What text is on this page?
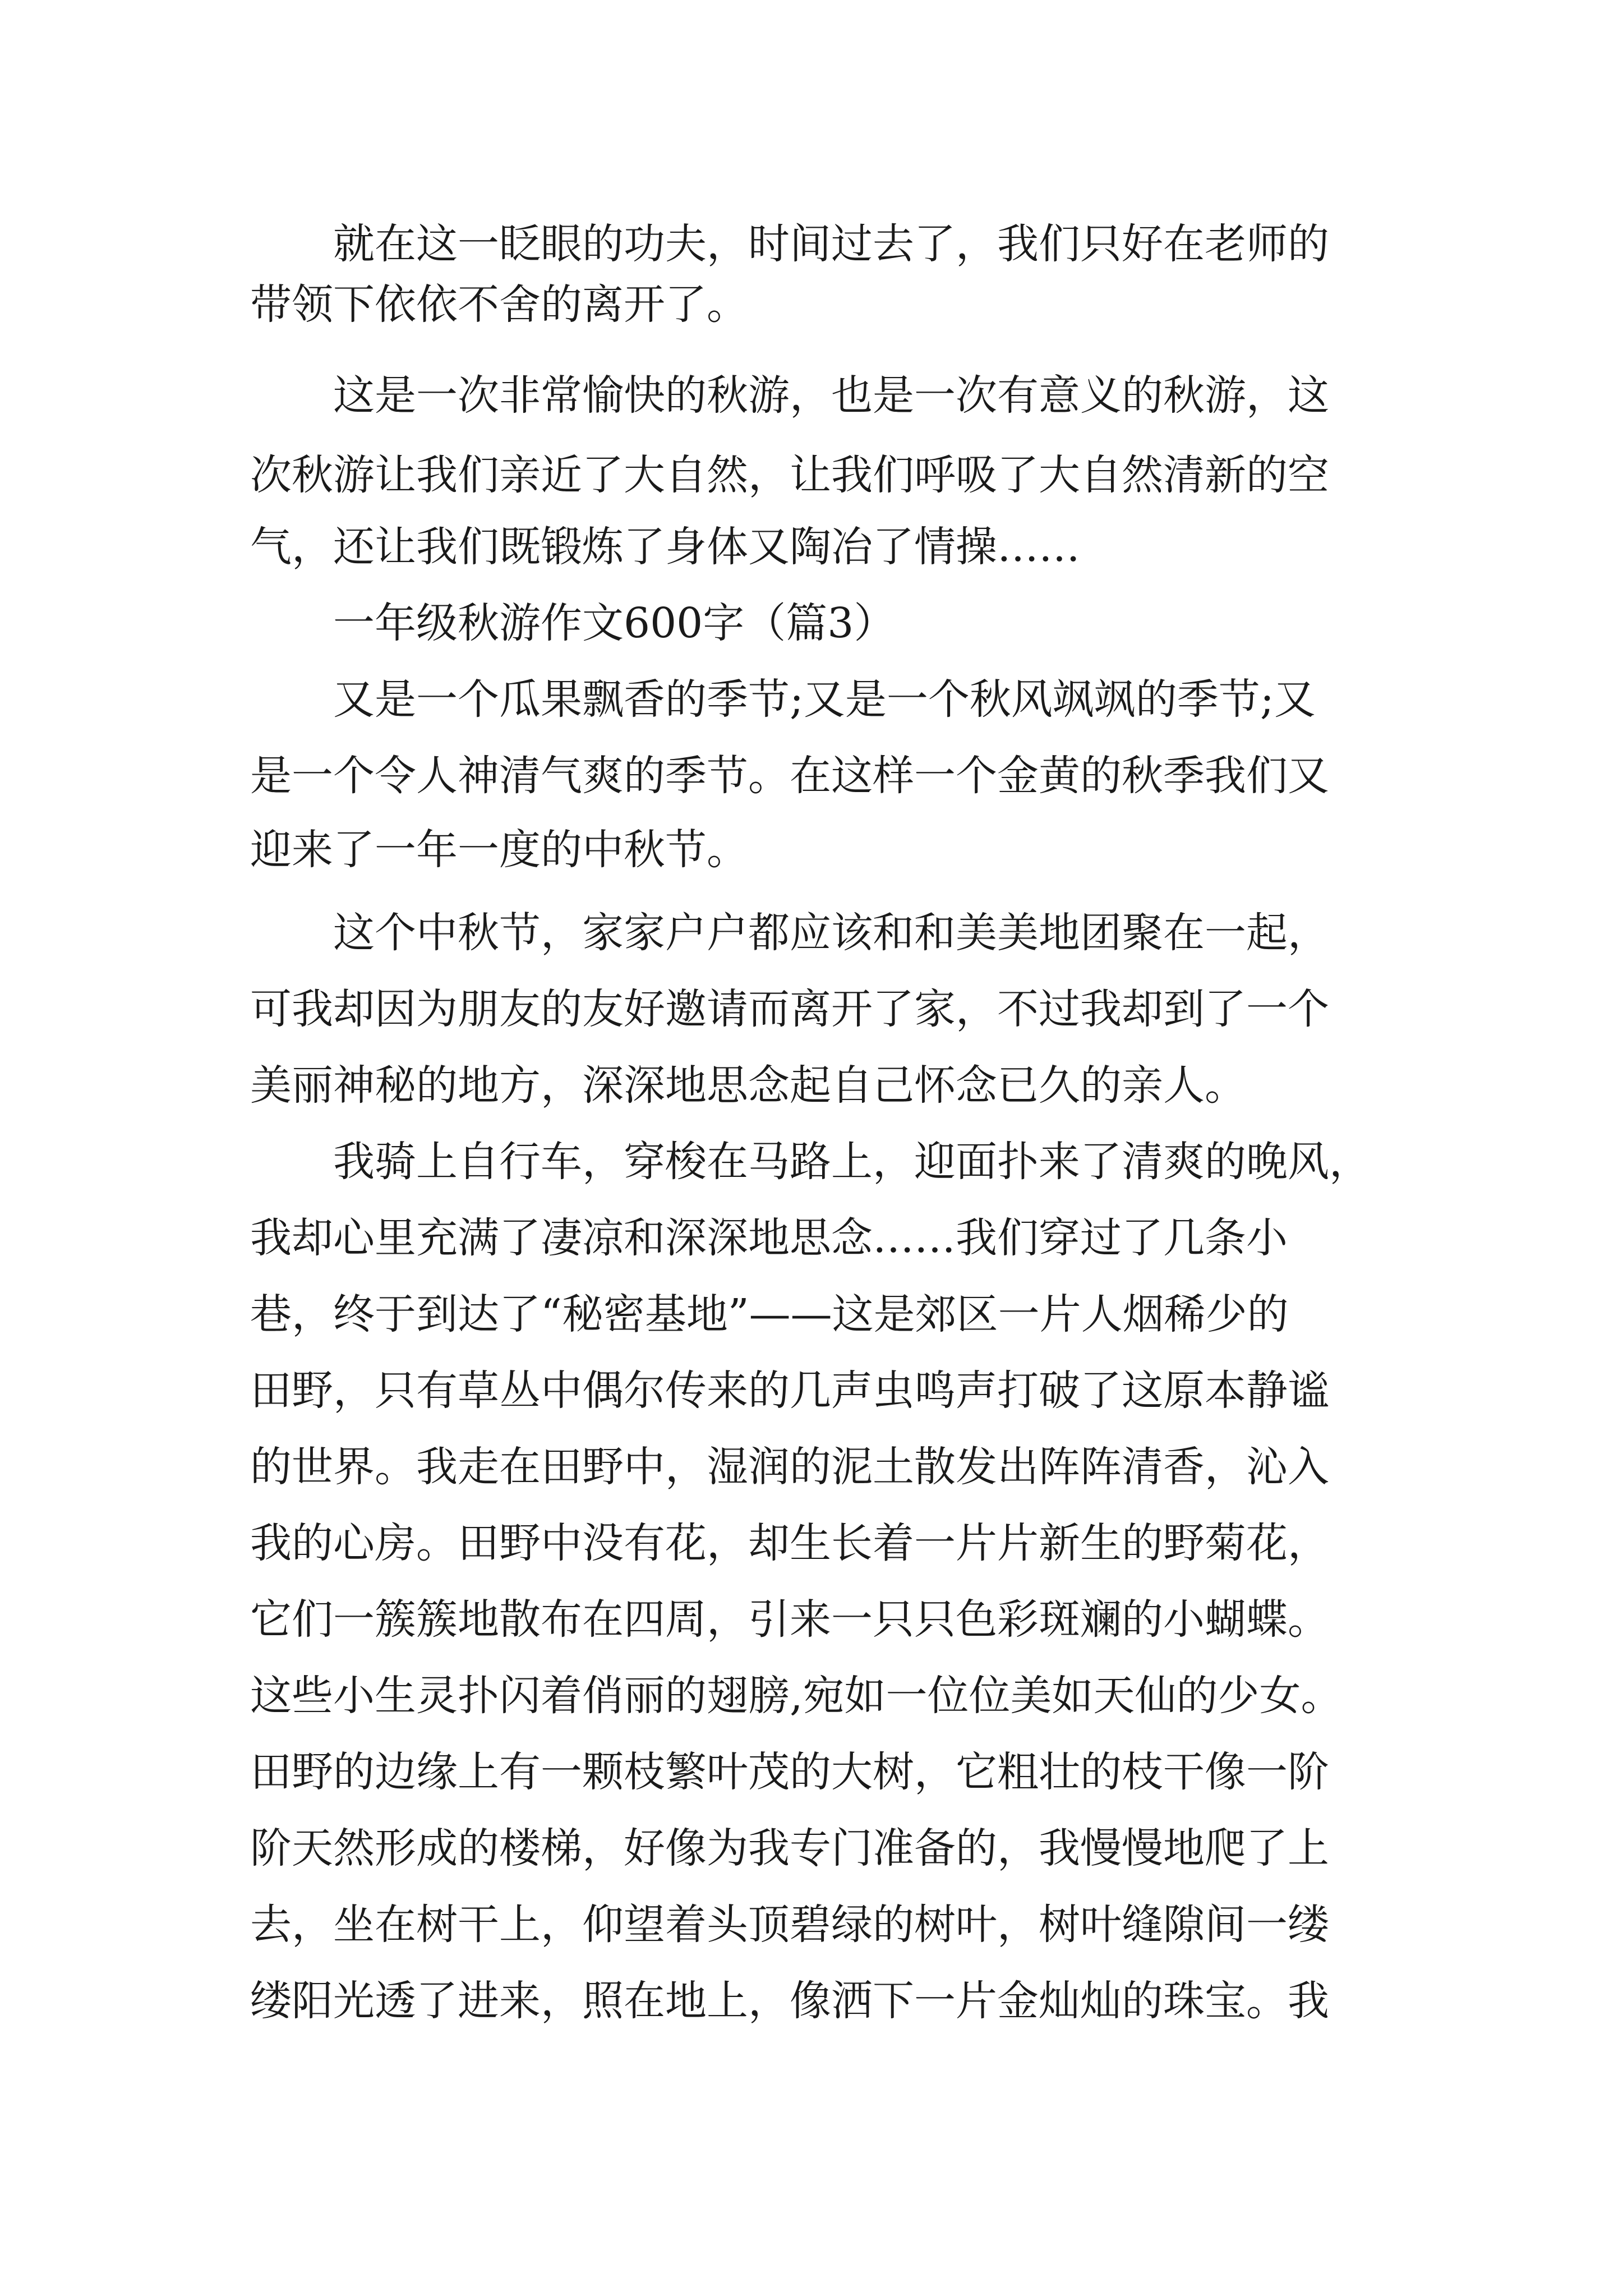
就在这一眨眼的功夫，时间过去了，我们只好在老师的
带领下依依不舍的离开了。
这是一次非常愉快的秋游，也是一次有意义的秋游，这
次秋游让我们亲近了大自然，让我们呼吸了大自然清新的空
气，还让我们既锻炼了身体又陶冶了情操……
一年级秋游作文600字（篇3）
又是一个瓜果飘香的季节;又是一个秋风飒飒的季节;又
是一个令人神清气爽的季节。在这样一个金黄的秋季我们又
迎来了一年一度的中秋节。
这个中秋节，家家户户都应该和和美美地团聚在一起，
可我却因为朋友的友好邀请而离开了家，不过我却到了一个
美丽神秘的地方，深深地思念起自己怀念已久的亲人。
我骑上自行车，穿梭在马路上，迎面扑来了清爽的晚风，
我却心里充满了凄凉和深深地思念……我们穿过了几条小
巷，终于到达了“秘密基地”——这是郊区一片人烟稀少的
田野，只有草丛中偶尔传来的几声虫鸣声打破了这原本静谧
的世界。我走在田野中，湿润的泥土散发出阵阵清香，沁入
我的心房。田野中没有花，却生长着一片片新生的野菊花，
它们一簇簇地散布在四周，引来一只只色彩斑斓的小蝴蝶。
这些小生灵扑闪着俏丽的翅膀,宛如一位位美如天仙的少女。
田野的边缘上有一颗枝繁叶茂的大树，它粗壮的枝干像一阶
阶天然形成的楼梯，好像为我专门准备的，我慢慢地爬了上
去，坐在树干上，仰望着头顶碧绿的树叶，树叶缝隙间一缕
缕阳光透了进来，照在地上，像洒下一片金灿灿的珠宝。我
